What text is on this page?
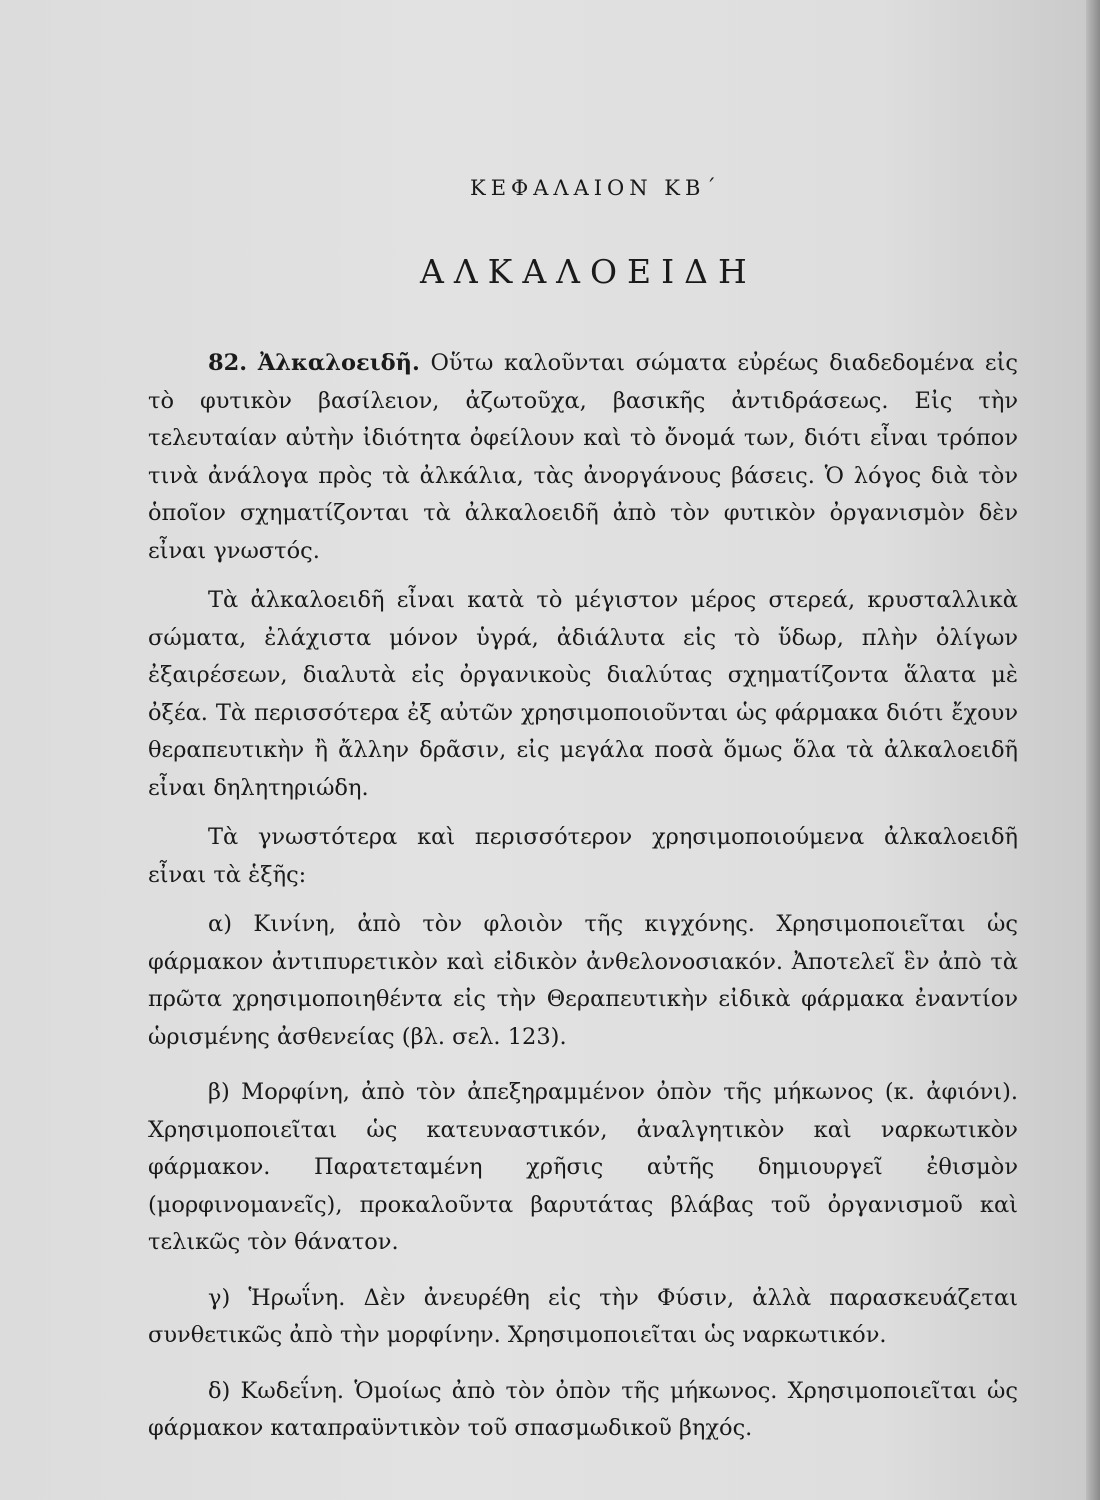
ΚΕΦΑΛΑΙΟΝ ΚΒ΄
ΑΛΚΑΛΟΕΙΔΗ

82. Ἀλκαλοειδῆ. Οὕτω καλοῦνται σώματα εὐρέως διαδεδομένα εἰς τὸ φυτικὸν βασίλειον, ἀζωτοῦχα, βασικῆς ἀντιδράσεως. Εἰς τὴν τελευταίαν αὐτὴν ἰδιότητα ὀφείλουν καὶ τὸ ὄνομά των, διότι εἶναι τρόπον τινὰ ἀνάλογα πρὸς τὰ ἀλκάλια, τὰς ἀνοργάνους βάσεις. Ὁ λόγος διὰ τὸν ὁποῖον σχηματίζονται τὰ ἀλκαλοειδῆ ἀπὸ τὸν φυτικὸν ὀργανισμὸν δὲν εἶναι γνωστός.

Τὰ ἀλκαλοειδῆ εἶναι κατὰ τὸ μέγιστον μέρος στερεά, κρυσταλλικὰ σώματα, ἐλάχιστα μόνον ὑγρά, ἀδιάλυτα εἰς τὸ ὕδωρ, πλὴν ὀλίγων ἐξαιρέσεων, διαλυτὰ εἰς ὀργανικοὺς διαλύτας σχηματίζοντα ἅλατα μὲ ὀξέα. Τὰ περισσότερα ἐξ αὐτῶν χρησιμοποιοῦνται ὡς φάρμακα διότι ἔχουν θεραπευτικὴν ἢ ἄλλην δρᾶσιν, εἰς μεγάλα ποσὰ ὅμως ὅλα τὰ ἀλκαλοειδῆ εἶναι δηλητηριώδη.

Τὰ γνωστότερα καὶ περισσότερον χρησιμοποιούμενα ἀλκαλοειδῆ εἶναι τὰ ἑξῆς:

α) Κινίνη, ἀπὸ τὸν φλοιὸν τῆς κιγχόνης. Χρησιμοποιεῖται ὡς φάρμακον ἀντιπυρετικὸν καὶ εἰδικὸν ἀνθελονοσιακόν. Ἀποτελεῖ ἓν ἀπὸ τὰ πρῶτα χρησιμοποιηθέντα εἰς τὴν Θεραπευτικὴν εἰδικὰ φάρμακα ἐναντίον ὡρισμένης ἀσθενείας (βλ. σελ. 123).

β) Μορφίνη, ἀπὸ τὸν ἀπεξηραμμένον ὀπὸν τῆς μήκωνος (κ. ἀφιόνι). Χρησιμοποιεῖται ὡς κατευναστικόν, ἀναλγητικὸν καὶ ναρκωτικὸν φάρμακον. Παρατεταμένη χρῆσις αὐτῆς δημιουργεῖ ἐθισμὸν (μορφινομανεῖς), προκαλοῦντα βαρυτάτας βλάβας τοῦ ὀργανισμοῦ καὶ τελικῶς τὸν θάνατον.

γ) Ἡρωΐνη. Δὲν ἀνευρέθη εἰς τὴν Φύσιν, ἀλλὰ παρασκευάζεται συνθετικῶς ἀπὸ τὴν μορφίνην. Χρησιμοποιεῖται ὡς ναρκωτικόν.

δ) Κωδεΐνη. Ὁμοίως ἀπὸ τὸν ὀπὸν τῆς μήκωνος. Χρησιμοποιεῖται ὡς φάρμακον καταπραϋντικὸν τοῦ σπασμωδικοῦ βηχός.
